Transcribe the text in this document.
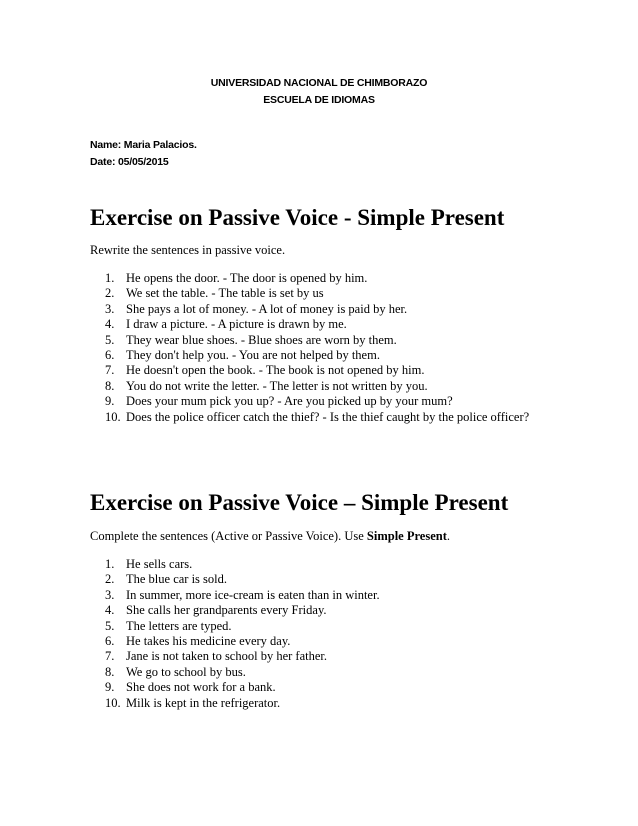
UNIVERSIDAD NACIONAL DE CHIMBORAZO
ESCUELA DE IDIOMAS
Name: Maria Palacios.
Date: 05/05/2015
Exercise on Passive Voice - Simple Present
Rewrite the sentences in passive voice.
1. He opens the door. - The door is opened by him.
2. We set the table. - The table is set by us
3. She pays a lot of money. - A lot of money is paid by her.
4. I draw a picture. - A picture is drawn by me.
5. They wear blue shoes. - Blue shoes are worn by them.
6. They don't help you. - You are not helped by them.
7. He doesn't open the book. - The book is not opened by him.
8. You do not write the letter. - The letter is not written by you.
9. Does your mum pick you up? - Are you picked up by your mum?
10. Does the police officer catch the thief? - Is the thief caught by the police officer?
Exercise on Passive Voice – Simple Present
Complete the sentences (Active or Passive Voice). Use Simple Present.
1. He sells cars.
2. The blue car is sold.
3. In summer, more ice-cream is eaten than in winter.
4. She calls her grandparents every Friday.
5. The letters are typed.
6. He takes his medicine every day.
7. Jane is not taken to school by her father.
8. We go to school by bus.
9. She does not work for a bank.
10. Milk is kept in the refrigerator.
